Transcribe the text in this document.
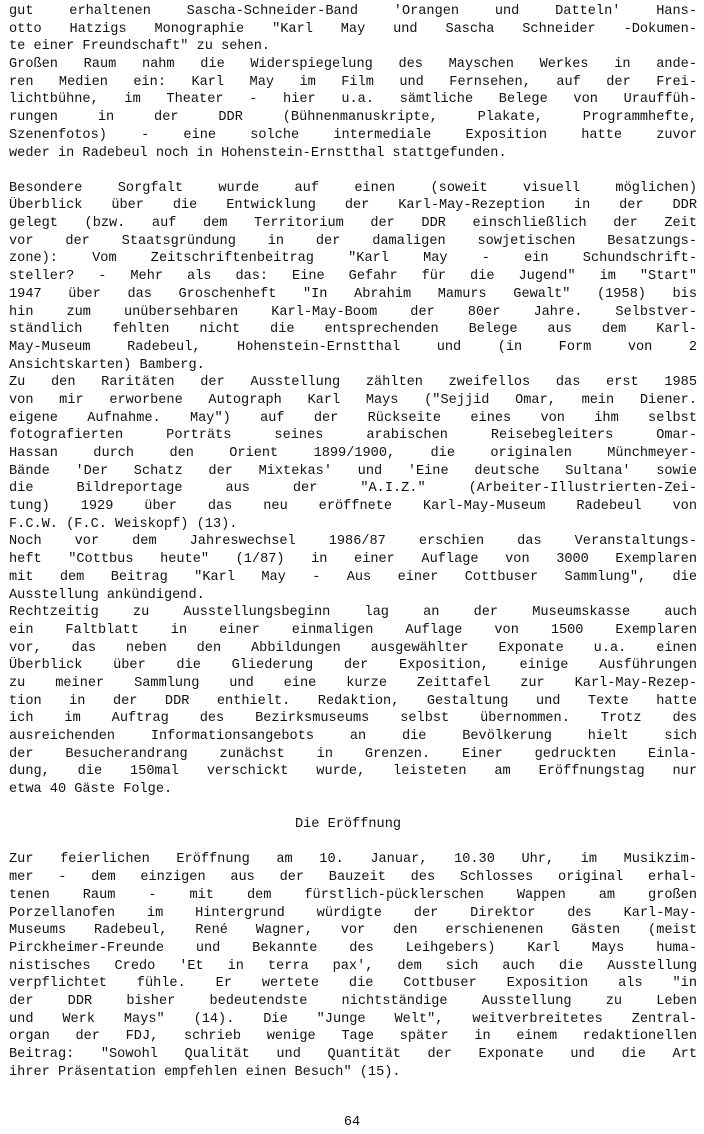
gut erhaltenen Sascha-Schneider-Band 'Orangen und Datteln' Hans-
otto Hatzigs Monographie "Karl May und Sascha Schneider -Dokumen-
te einer Freundschaft" zu sehen.
Großen Raum nahm die Widerspiegelung des Mayschen Werkes in ande-
ren Medien ein: Karl May im Film und Fernsehen, auf der Frei-
lichtbühne, im Theater - hier u.a. sämtliche Belege von Urauffüh-
rungen in der DDR (Bühnenmanuskripte, Plakate, Programmhefte,
Szenenfotos) - eine solche intermediale Exposition hatte zuvor
weder in Radebeul noch in Hohenstein-Ernstthal stattgefunden.
Besondere Sorgfalt wurde auf einen (soweit visuell möglichen)
Überblick über die Entwicklung der Karl-May-Rezeption in der DDR
gelegt (bzw. auf dem Territorium der DDR einschließlich der Zeit
vor der Staatsgründung in der damaligen sowjetischen Besatzungs-
zone): Vom Zeitschriftenbeitrag "Karl May - ein Schundschrift-
steller? - Mehr als das: Eine Gefahr für die Jugend" im "Start"
1947 über das Groschenheft "In Abrahim Mamurs Gewalt" (1958) bis
hin zum unübersehbaren Karl-May-Boom der 80er Jahre. Selbstver-
ständlich fehlten nicht die entsprechenden Belege aus dem Karl-
May-Museum Radebeul, Hohenstein-Ernstthal und (in Form von 2
Ansichtskarten) Bamberg.
Zu den Raritäten der Ausstellung zählten zweifellos das erst 1985
von mir erworbene Autograph Karl Mays ("Sejjid Omar, mein Diener.
eigene Aufnahme. May") auf der Rückseite eines von ihm selbst
fotografierten Porträts seines arabischen Reisebegleiters Omar-
Hassan durch den Orient 1899/1900, die originalen Münchmeyer-
Bände 'Der Schatz der Mixtekas' und 'Eine deutsche Sultana' sowie
die Bildreportage aus der "A.I.Z." (Arbeiter-Illustrierten-Zei-
tung) 1929 über das neu eröffnete Karl-May-Museum Radebeul von
F.C.W. (F.C. Weiskopf) (13).
Noch vor dem Jahreswechsel 1986/87 erschien das Veranstaltungs-
heft "Cottbus heute" (1/87) in einer Auflage von 3000 Exemplaren
mit dem Beitrag "Karl May - Aus einer Cottbuser Sammlung", die
Ausstellung ankündigend.
Rechtzeitig zu Ausstellungsbeginn lag an der Museumskasse auch
ein Faltblatt in einer einmaligen Auflage von 1500 Exemplaren
vor, das neben den Abbildungen ausgewählter Exponate u.a. einen
Überblick über die Gliederung der Exposition, einige Ausführungen
zu meiner Sammlung und eine kurze Zeittafel zur Karl-May-Rezep-
tion in der DDR enthielt. Redaktion, Gestaltung und Texte hatte
ich im Auftrag des Bezirksmuseums selbst übernommen. Trotz des
ausreichenden Informationsangebots an die Bevölkerung hielt sich
der Besucherandrang zunächst in Grenzen. Einer gedruckten Einla-
dung, die 150mal verschickt wurde, leisteten am Eröffnungstag nur
etwa 40 Gäste Folge.
Die Eröffnung
Zur feierlichen Eröffnung am 10. Januar, 10.30 Uhr, im Musikzim-
mer - dem einzigen aus der Bauzeit des Schlosses original erhal-
tenen Raum - mit dem fürstlich-pücklerschen Wappen am großen
Porzellanofen im Hintergrund würdigte der Direktor des Karl-May-
Museums Radebeul, René Wagner, vor den erschienenen Gästen (meist
Pirckheimer-Freunde und Bekannte des Leihgebers) Karl Mays huma-
nistisches Credo 'Et in terra pax', dem sich auch die Ausstellung
verpflichtet fühle. Er wertete die Cottbuser Exposition als "in
der DDR bisher bedeutendste nichtständige Ausstellung zu Leben
und Werk Mays" (14). Die "Junge Welt", weitverbreitetes Zentral-
organ der FDJ, schrieb wenige Tage später in einem redaktionellen
Beitrag: "Sowohl Qualität und Quantität der Exponate und die Art
ihrer Präsentation empfehlen einen Besuch" (15).
64
